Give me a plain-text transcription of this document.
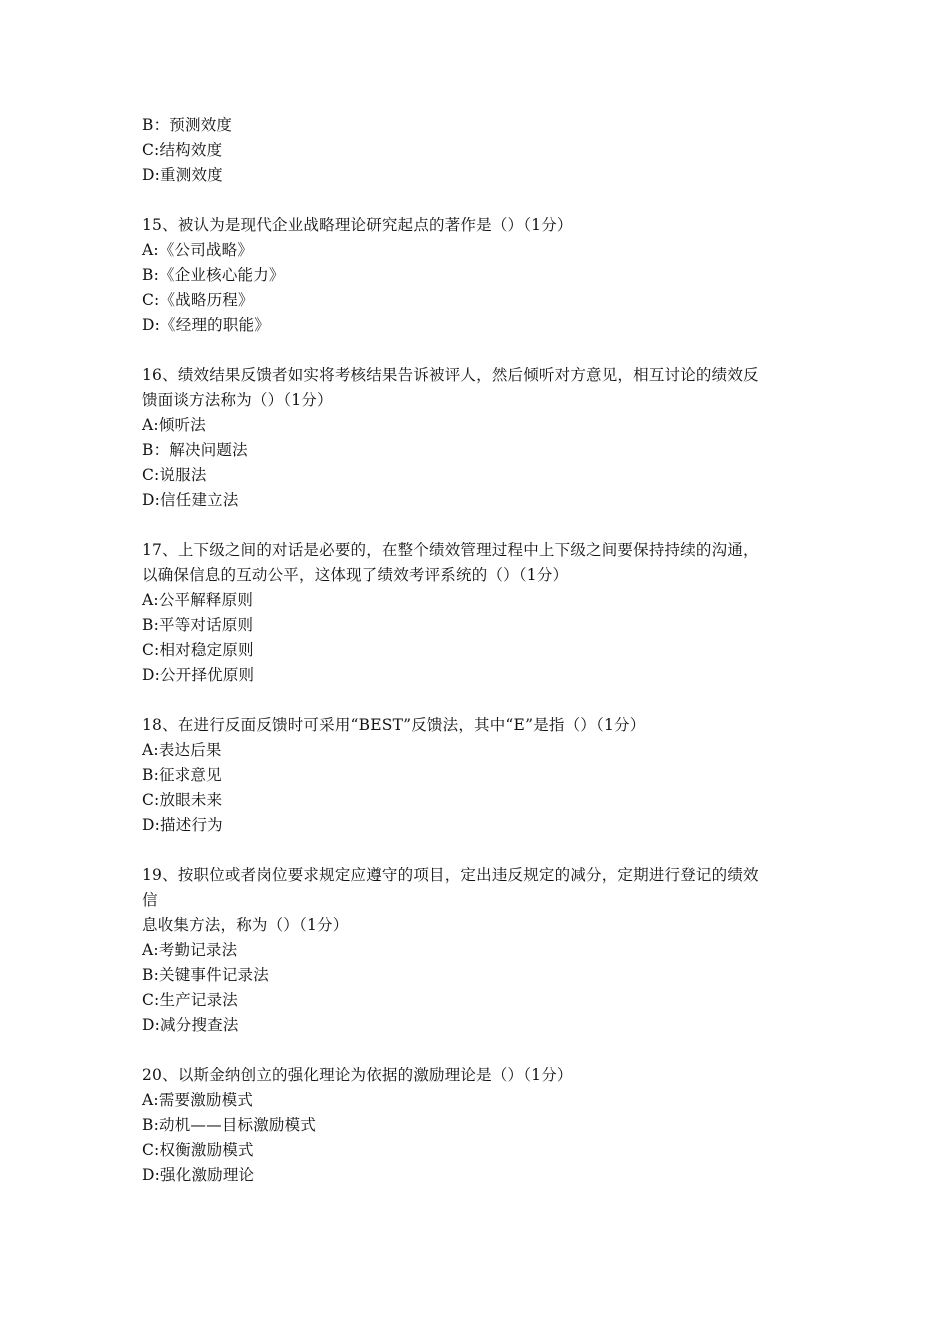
B：预测效度
C:结构效度
D:重测效度
15、被认为是现代企业战略理论研究起点的著作是（）（1分）
A:《公司战略》
B:《企业核心能力》
C:《战略历程》
D:《经理的职能》
16、绩效结果反馈者如实将考核结果告诉被评人，然后倾听对方意见，相互讨论的绩效反
馈面谈方法称为（）（1分）
A:倾听法
B：解决问题法
C:说服法
D:信任建立法
17、上下级之间的对话是必要的，在整个绩效管理过程中上下级之间要保持持续的沟通，
以确保信息的互动公平，这体现了绩效考评系统的（）（1分）
A:公平解释原则
B:平等对话原则
C:相对稳定原则
D:公开择优原则
18、在进行反面反馈时可采用“BEST”反馈法，其中“E”是指（）（1分）
A:表达后果
B:征求意见
C:放眼未来
D:描述行为
19、按职位或者岗位要求规定应遵守的项目，定出违反规定的减分，定期进行登记的绩效
信
息收集方法，称为（）（1分）
A:考勤记录法
B:关键事件记录法
C:生产记录法
D:减分搜查法
20、以斯金纳创立的强化理论为依据的激励理论是（）（1分）
A:需要激励模式
B:动机——目标激励模式
C:权衡激励模式
D:强化激励理论
